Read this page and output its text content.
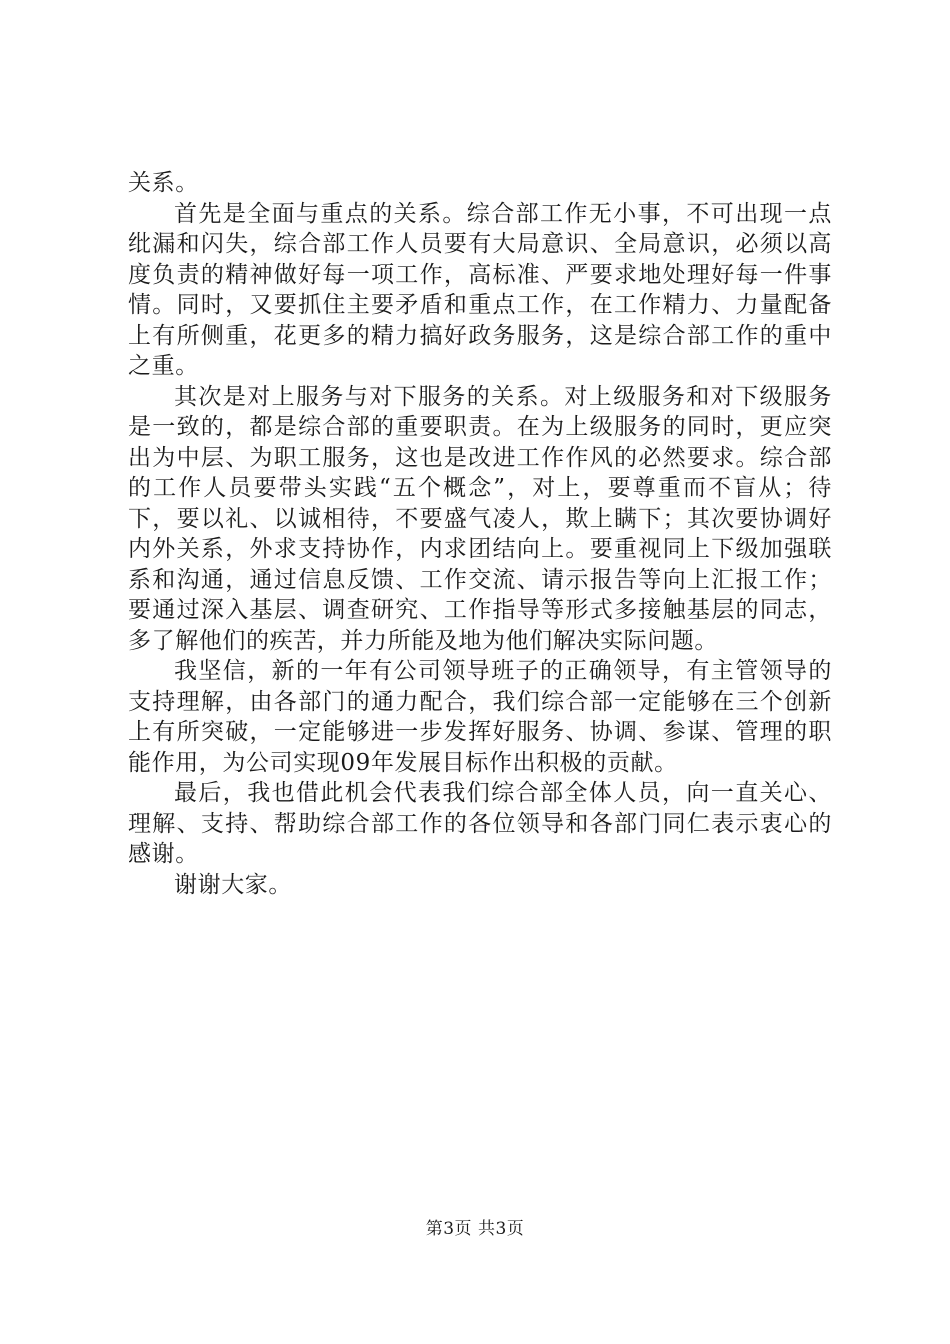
关系。

首先是全面与重点的关系。综合部工作无小事，不可出现一点纰漏和闪失，综合部工作人员要有大局意识、全局意识，必须以高度负责的精神做好每一项工作，高标准、严要求地处理好每一件事情。同时，又要抓住主要矛盾和重点工作，在工作精力、力量配备上有所侧重，花更多的精力搞好政务服务，这是综合部工作的重中之重。

其次是对上服务与对下服务的关系。对上级服务和对下级服务是一致的，都是综合部的重要职责。在为上级服务的同时，更应突出为中层、为职工服务，这也是改进工作作风的必然要求。综合部的工作人员要带头实践“五个概念”，对上，要尊重而不盲从；待下，要以礼、以诚相待，不要盛气凌人，欺上瞒下；其次要协调好内外关系，外求支持协作，内求团结向上。要重视同上下级加强联系和沟通，通过信息反馈、工作交流、请示报告等向上汇报工作；要通过深入基层、调查研究、工作指导等形式多接触基层的同志，多了解他们的疾苦，并力所能及地为他们解决实际问题。

我坚信，新的一年有公司领导班子的正确领导，有主管领导的支持理解，由各部门的通力配合，我们综合部一定能够在三个创新上有所突破，一定能够进一步发挥好服务、协调、参谋、管理的职能作用，为公司实现09年发展目标作出积极的贡献。

最后，我也借此机会代表我们综合部全体人员，向一直关心、理解、支持、帮助综合部工作的各位领导和各部门同仁表示衷心的感谢。

谢谢大家。

第3页 共3页
